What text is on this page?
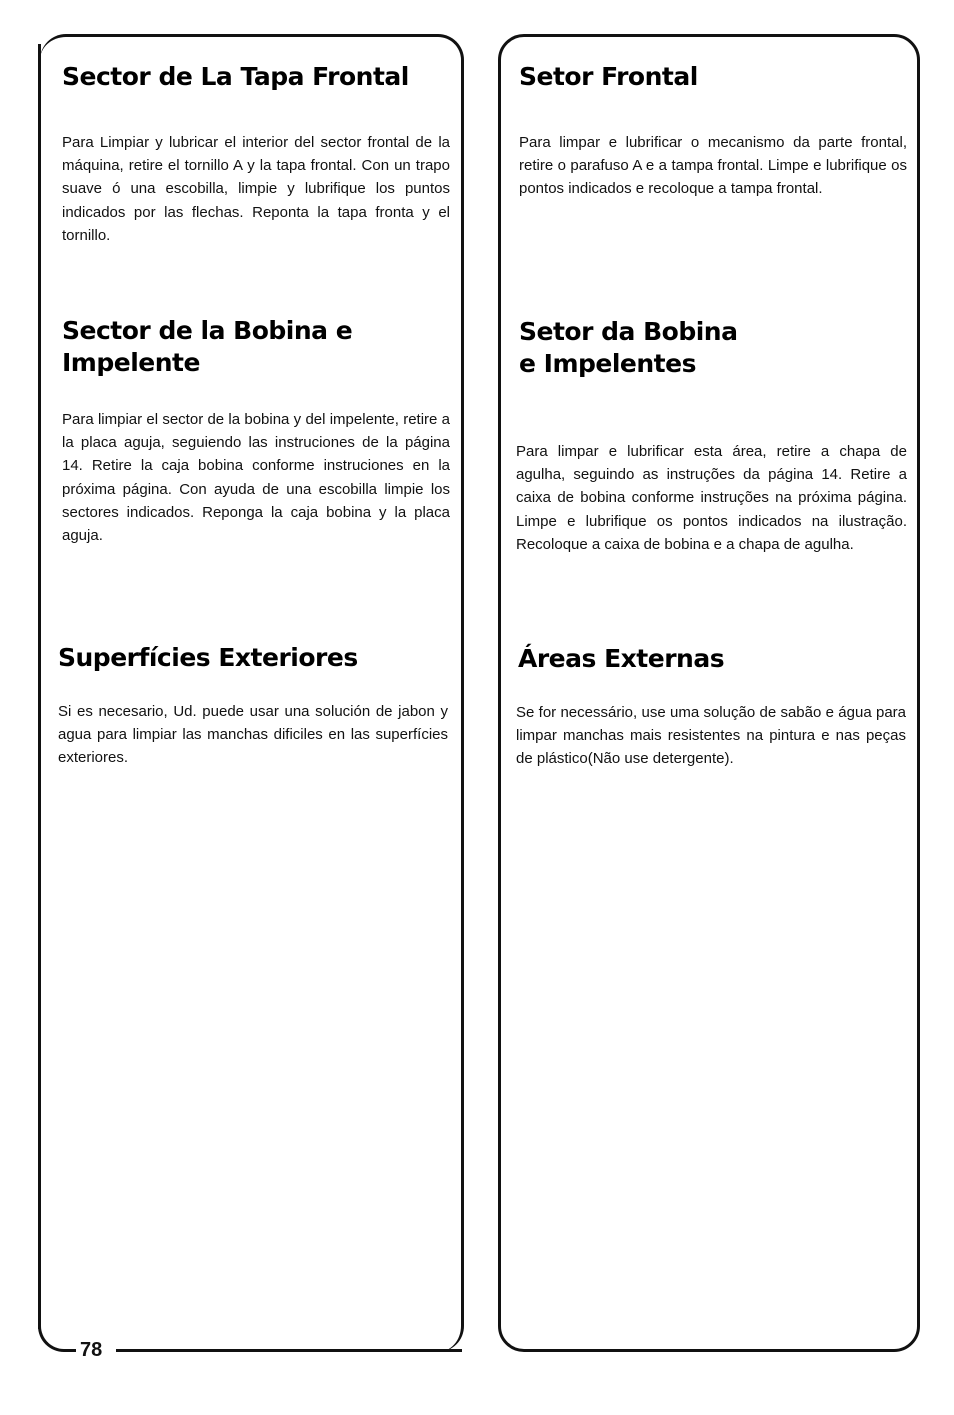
Sector de La Tapa Frontal

Para Limpiar y lubricar el interior del sector frontal de la máquina, retire el tornillo A y la tapa frontal. Con un trapo suave ó una escobilla, limpie y lubrifique los puntos indicados por las flechas. Reponta la tapa fronta y el tornillo.

Sector de la Bobina e
Impelente

Para limpiar el sector de la bobina y del impelente, retire a la placa aguja, seguiendo las instruciones de la página 14. Retire la caja bobina conforme instruciones en la próxima página. Con ayuda de una escobilla limpie los sectores indicados. Reponga la caja bobina y la placa aguja.

Superfícies Exteriores

Si es necesario, Ud. puede usar una solución de jabon y agua para limpiar las manchas dificiles en las superfícies exteriores.

Setor Frontal

Para limpar e lubrificar o mecanismo da parte frontal, retire o parafuso A e a tampa frontal. Limpe e lubrifique os pontos indicados e recoloque a tampa frontal.

Setor da Bobina
e Impelentes

Para limpar e lubrificar esta área, retire a chapa de agulha, seguindo as instruções da página 14. Retire a caixa de bobina conforme instruções na próxima página. Limpe e lubrifique os pontos indicados na ilustração. Recoloque a caixa de bobina e a chapa de agulha.

Áreas Externas

Se for necessário, use uma solução de sabão e água para limpar manchas mais resistentes na pintura e nas peças de plástico(Não use detergente).

78
